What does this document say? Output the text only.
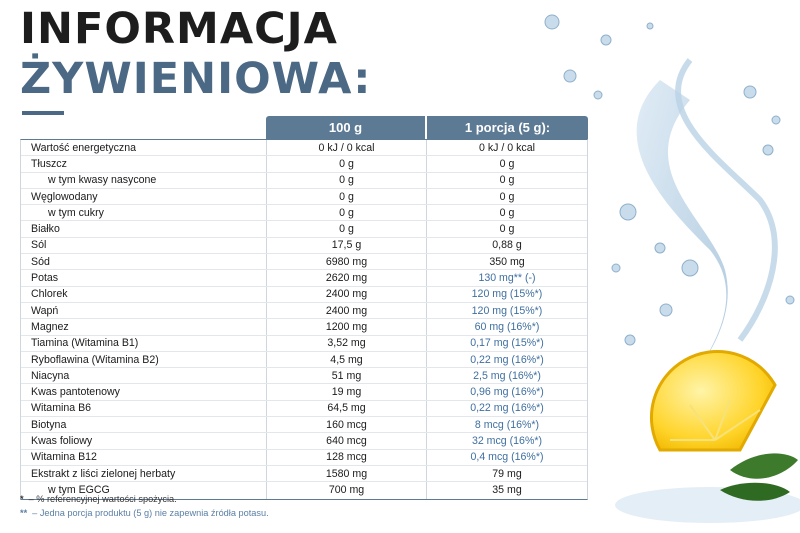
INFORMACJA
ŻYWIENIOWA:
100 g	1 porcja (5 g):
Wartość energetyczna	0 kJ / 0 kcal	0 kJ / 0 kcal
Tłuszcz	0 g	0 g
w tym kwasy nasycone	0 g	0 g
Węglowodany	0 g	0 g
w tym cukry	0 g	0 g
Białko	0 g	0 g
Sól	17,5 g	0,88 g
Sód	6980 mg	350 mg
Potas	2620 mg	130 mg** (-)
Chlorek	2400 mg	120 mg (15%*)
Wapń	2400 mg	120 mg (15%*)
Magnez	1200 mg	60 mg (16%*)
Tiamina (Witamina B1)	3,52 mg	0,17 mg (15%*)
Ryboflawina (Witamina B2)	4,5 mg	0,22 mg (16%*)
Niacyna	51 mg	2,5 mg (16%*)
Kwas pantotenowy	19 mg	0,96 mg (16%*)
Witamina B6	64,5 mg	0,22 mg (16%*)
Biotyna	160 mcg	8 mcg (16%*)
Kwas foliowy	640 mcg	32 mcg (16%*)
Witamina B12	128 mcg	0,4 mcg (16%*)
Ekstrakt z liści zielonej herbaty	1580 mg	79 mg
w tym EGCG	700 mg	35 mg
* – % referencyjnej wartości spożycia.
** – Jedna porcja produktu (5 g) nie zapewnia źródła potasu.
